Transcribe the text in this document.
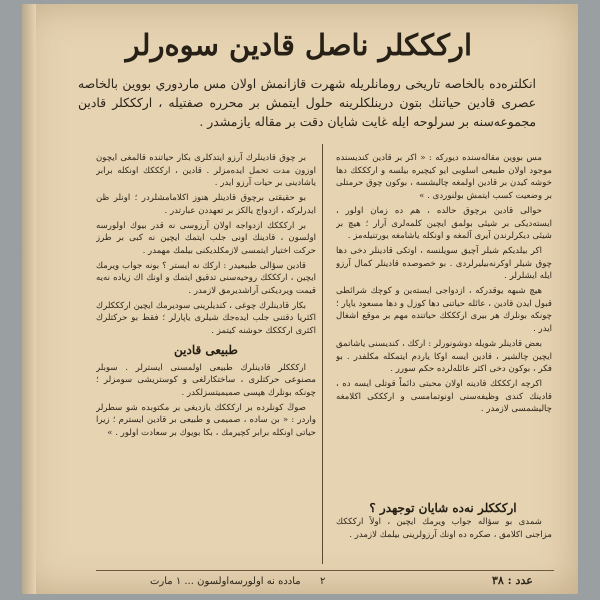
اركككلر ناصل قادين سوه‌رلر
انكلتره‌ده بالخاصه تاريخى رومانلريله شهرت قازانمش اولان مس ماردوري بووين بالخاصه عصرى قادين حياتنك بتون درينلكلرينه حلول ايتمش بر محرره صفتيله ، اركككلر قادين مجموعه‌سنه بر سرلوحه ايله غايت شايان دقت بر مقاله يازمشدر .

مس بووين مقاله‌سنده ديوركه : « اكر بر قادين كنديسنده موجود اولان طبيعى اسلوبى ايو كيچيره بيلسه و اركككك دها خوشه كيدن بر قادين اولمغه چاليشسه ، بوكون چوق حرمتلى بر وضعيت كسب ايتمش بولنوردى . »

حوالى قادين برچوق حالده ، هم ده زمان اولور ، ايسته‌ديكى بر شيئى بولمق ايچين كلمه‌لرى آرار ؛ هيچ بر شيئى ديكرلرندن آيرى آلمغه و اونكله ياشامغه يورتنيله‌مز .

اكر بيلديكم شيلر آچيق سويلنسه ، اوتكى قادينلر دخى دها چوق شيلر اوكرنه‌بيليرلردى . بو خصوصده قادينلر كمال آرزو ايله ايشلرلر .

هيچ شبهه يوقدركه ، ازدواجى ايسته‌ين و كوچك شرائطى قبول ايدن قادين ، عائله حياتنى دها كوزل و دها مسعود ياپار ؛ چونكه بونلرك هر بيرى اركككك حياتنده مهم بر موقع اشغال ايدر .

بعض قادينلر شويله دوشونورلر : اركك ، كنديسنى ياشاتمق ايچين چالشير ، قادين ايسه اوكا ياردم ايتمكله مكلفدر . بو فكر ، بوكون دخى اكثر عائله‌لرده حكم سورر .

اكرچه اركككك قادينه اولان محبتى دائماً قوتلى ايسه ده ، قادينك كندى وظيفه‌سنى اونوتمامسى و اركككى اكلامغه چاليشمسى لازمدر .

اركككلر نه‌ده شايان توجهدر ؟

شمدى بو سؤاله جواب ويرمك ايچين ، اولاً اركككك مزاجنى اكلامق ، صكره ده اونك آرزولرينى بيلمك لازمدر .

بر چوق قادينلرك آرزو ايتدكلرى بكار حياتنده قالمغى ايچون اوزون مدت تحمل ايده‌مزلر . قادين ، اركككك اونكله برابر ياشادينى بر حيات آرزو ايدر .

بو حقيقتى برچوق قادينلر هنوز اكلامامشلردر ؛ اونلر ظن ايدرلركه ، ازدواج يالكز بر تعهددن عبارتدر .

بر اركككك ازدواجه اولان آرزوسى نه قدر بيوك اولورسه اولسون ، قادينك اونى جلب ايتمك ايچين نه كبى بر طرز حركت اختيار ايتمسى لازمكلديكنى بيلمك مهمدر .

قادين سؤالى طبيعيدر : اركك نه ايستر ؟ بونه جواب ويرمك ايچين ، اركككك روحيه‌سنى تدقيق ايتمك و اونك اك زياده نه‌يه قيمت ويرديكنى آراشديرمق لازمدر .

بكار قادينلرك چوغى ، كنديلرينى سوديرمك ايچين اركككلرك اكثريا دقتنى جلب ايده‌جك شيلرى ياپارلر ؛ فقط بو حركتلرك اكثرى اركككك حوشنه كيتمز .

طبيعى قادين

اركككلر قادينلرك طبيعى اولمسنى ايسترلر . سوبلر مصنوعى حركتلرى ، ساختكارلغى و كوستريشى سومزلر ؛ چونكه بونلرك هپسى صميمیتسزلكدر .

صوڭ كونلرده بر اركككك يازديغى بر مكتوبده شو سطرلر واردر : « بن ساده ، صميمى و طبيعى بر قادين ايسترم ؛ زيرا حياتى اونكله برابر كچيرمك ، بكا بويوك بر سعادت اولور . »

مادده نه اولورسه‌اولسون ... ١ مارت ٢	عدد : ٣٨
